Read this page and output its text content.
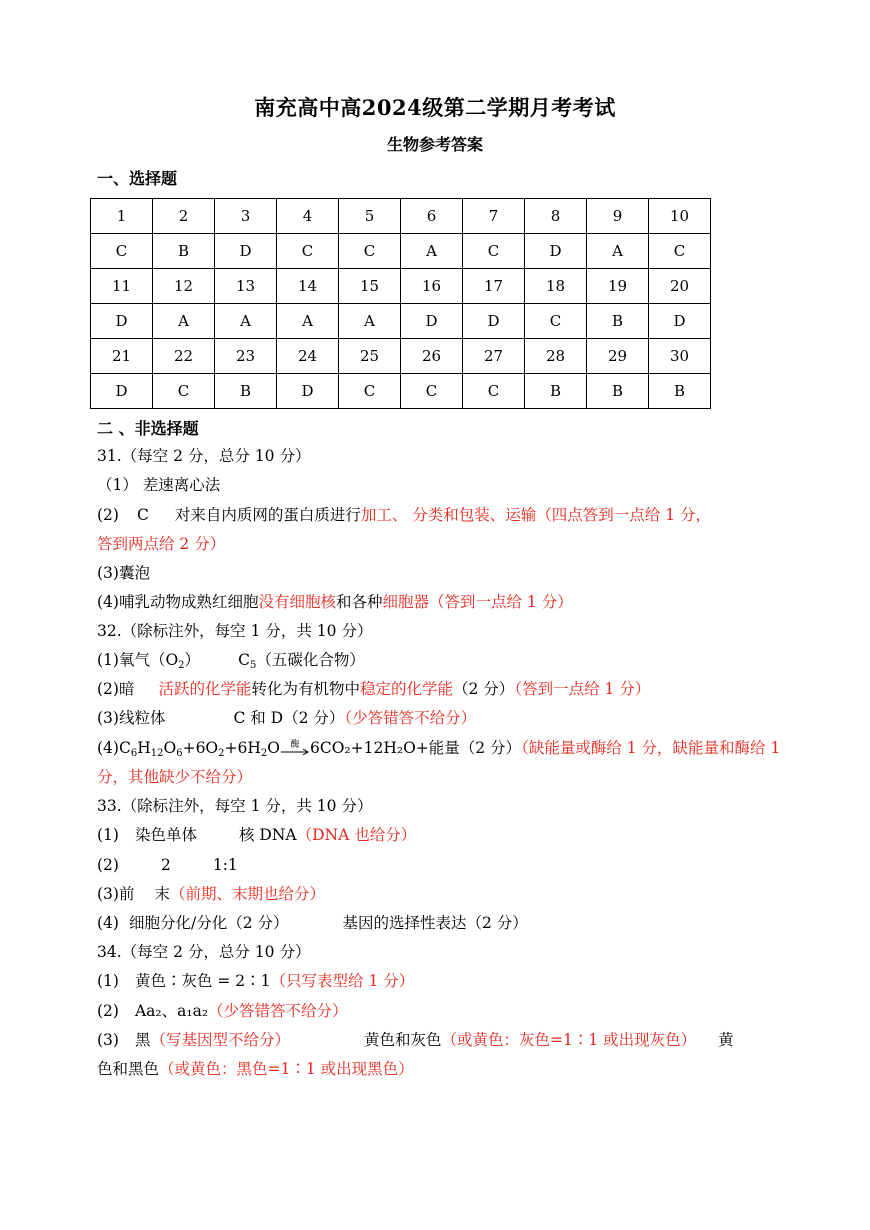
南充高中高2024级第二学期月考考试
生物参考答案
一、选择题
1	2	3	4	5	6	7	8	9	10
C	B	D	C	C	A	C	D	A	C
11	12	13	14	15	16	17	18	19	20
D	A	A	A	A	D	D	C	B	D
21	22	23	24	25	26	27	28	29	30
D	C	B	D	C	C	C	B	B	B
二 、非选择题
31.（每空 2 分，总分 10 分）
（1） 差速离心法
(2) C 对来自内质网的蛋白质进行加工、 分类和包装、运输（四点答到一点给 1 分，
答到两点给 2 分）
(3)囊泡
(4)哺乳动物成熟红细胞没有细胞核和各种细胞器（答到一点给 1 分）
32.（除标注外，每空 1 分，共 10 分）
(1)氧气$(O_2)$ $C_5$（五碳化合物）
(2)暗 活跃的化学能转化为有机物中稳定的化学能（2 分）（答到一点给 1 分）
(3)线粒体	C 和 D（2 分）（少答错答不给分）
$(4)C_6H_{12}O_6+6O_2+6H_2O$	酶 6CO₂+12H₂O+能量（2 分）（缺能量或酶给 1 分，缺能量和酶给 1
分，其他缺少不给分）
33.（除标注外，每空 1 分，共 10 分）
(1) 染色单体	核 DNA（DNA 也给分）
(2)	2	1:1
(3)前 末（前期、末期也给分）
(4) 细胞分化/分化（2 分）	基因的选择性表达（2 分）
34.（每空 2 分，总分 10 分）
(1) 黄色∶灰色 = 2∶1（只写表型给 1 分）
(2) Aa₂、a₁a₂（少答错答不给分）
(3) 黑（写基因型不给分）	黄色和灰色（或黄色：灰色=1∶1 或出现灰色） 黄
色和黑色（或黄色：黑色=1∶1 或出现黑色）
